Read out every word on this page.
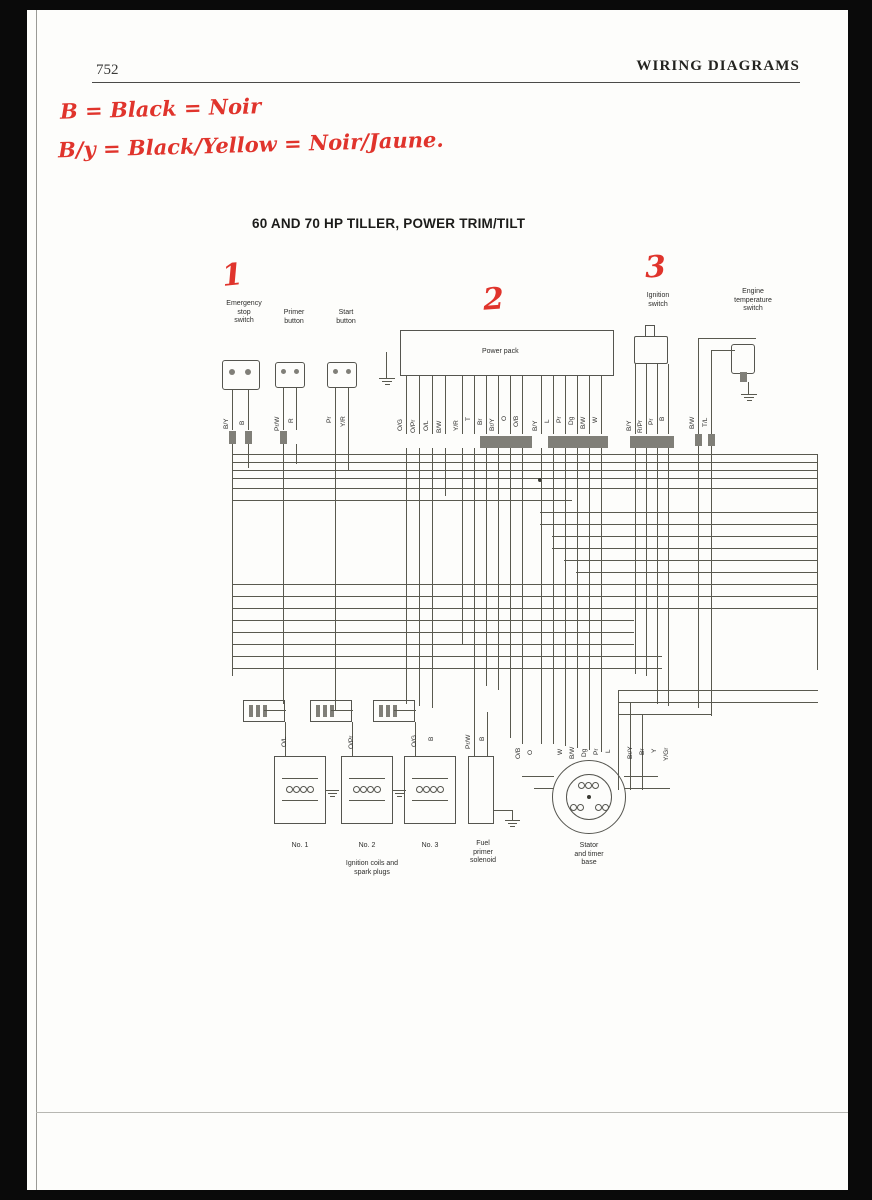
752	WIRING DIAGRAMS
B = Black = Noir
B/y = Black/Yellow = Noir/Jaune.
1
2
3
60 AND 70 HP TILLER, POWER TRIM/TILT
Emergency
stop
switch
Primer
button
Start
button
Ignition
switch
Engine
temperature
switch
B/Y B	Pr/W R	Pr Y/R
Power pack
O/G O/Pr O/L B/W Y/R
T Br Br/Y O O/B B/Y L Pr Dg B/W W
B/Y R/Pr Pr B	B/W T/L
O/L	O/Pr	O/G B
No. 1	No. 2	No. 3
Ignition coils and
spark plugs
Pr/W B
Fuel
primer
solenoid
Stator
and timer
base
O/B O	W B/W Dg Pr L Br/Y Br Y Y/Gr
